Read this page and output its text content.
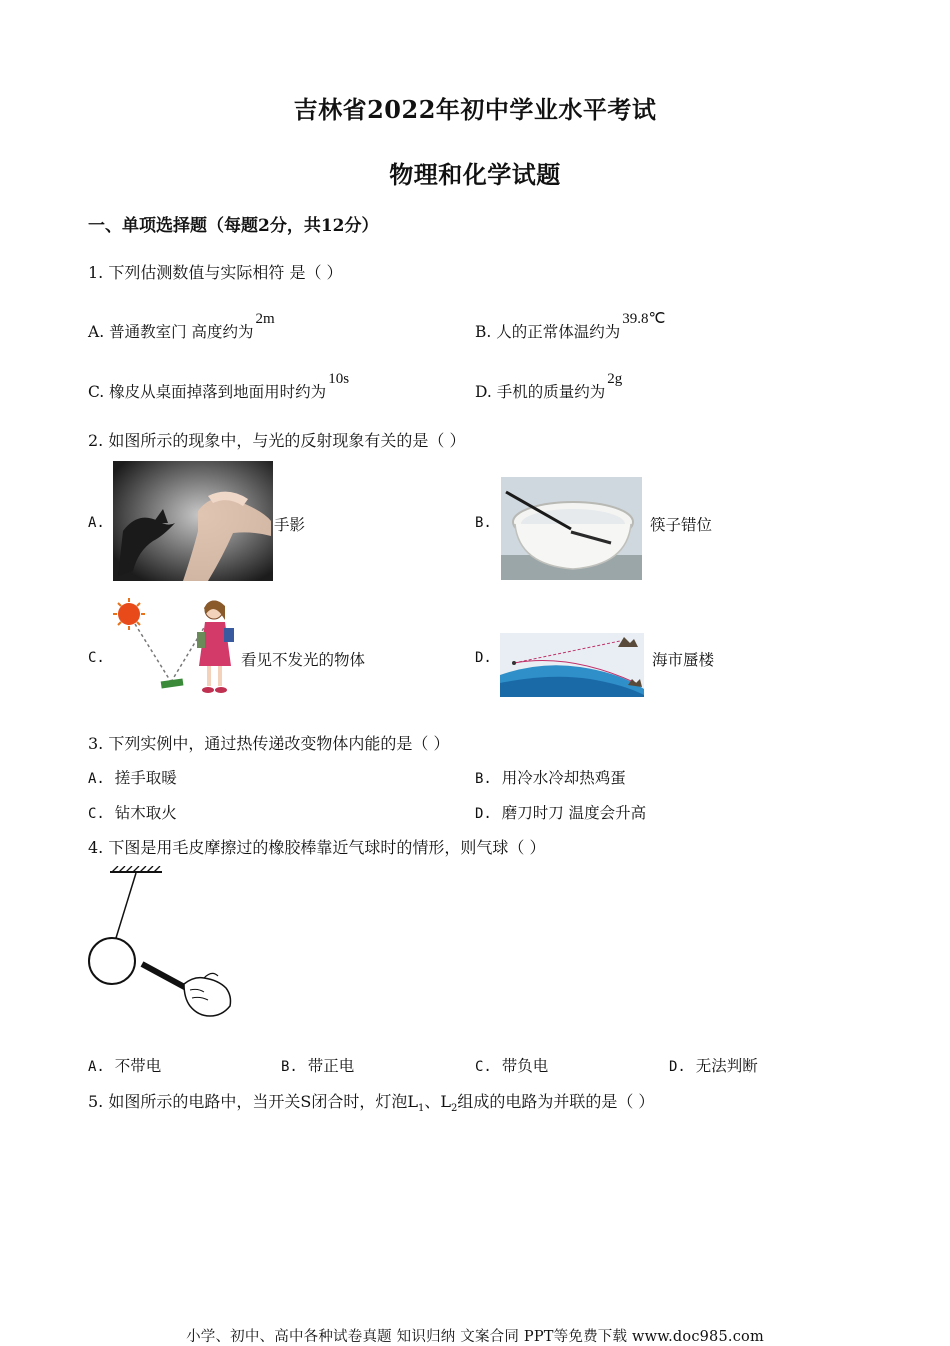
吉林省2022年初中学业水平考试
物理和化学试题
一、单项选择题（每题2分，共12分）
1. 下列估测数值与实际相符 是（ ）
A. 普通教室门 高度约为2m
B. 人的正常体温约为39.8℃
C. 橡皮从桌面掉落到地面用时约为10s
D. 手机的质量约为2g
2. 如图所示的现象中，与光的反射现象有关的是（ ）
A.	手影	B.	筷子错位
C.	看见不发光的物体	D.	海市蜃楼
3. 下列实例中，通过热传递改变物体内能的是（ ）
A. 搓手取暖	B. 用冷水冷却热鸡蛋
C. 钻木取火	D. 磨刀时刀 温度会升高
4. 下图是用毛皮摩擦过的橡胶棒靠近气球时的情形，则气球（ ）
A. 不带电	B. 带正电	C. 带负电	D. 无法判断
5. 如图所示的电路中，当开关S闭合时，灯泡$L_1$、$L_2$组成的电路为并联的是（ ）
小学、初中、高中各种试卷真题 知识归纳 文案合同 PPT等免费下载 www.doc985.com
